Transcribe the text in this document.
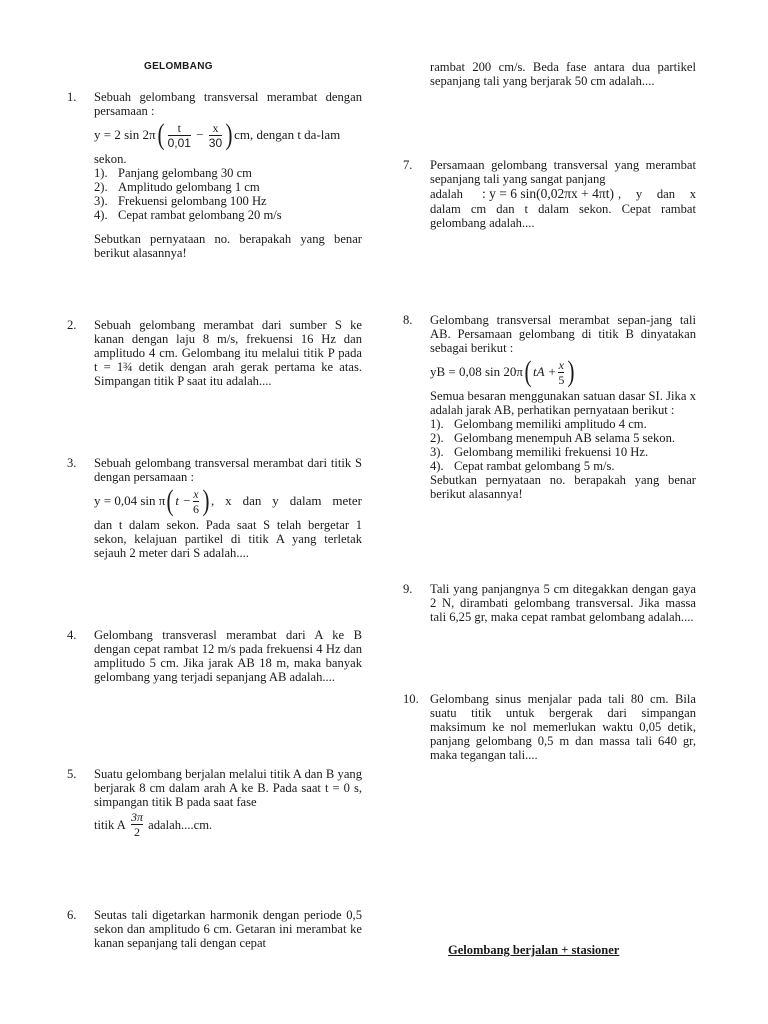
GELOMBANG
1.	Sebuah gelombang transversal merambat dengan persamaan :
y = 2 sin 2π ( $\frac{t}{0,01} - \frac{x}{30}$ ) cm, dengan t da-lam
sekon.
1). Panjang gelombang 30 cm
2). Amplitudo gelombang 1 cm
3). Frekuensi gelombang 100 Hz
4). Cepat rambat gelombang 20 m/s
Sebutkan pernyataan no. berapakah yang benar berikut alasannya!
2.	Sebuah gelombang merambat dari sumber S ke kanan dengan laju 8 m/s, frekuensi 16 Hz dan amplitudo 4 cm. Gelombang itu melalui titik P pada t = 1¾ detik dengan arah gerak pertama ke atas. Simpangan titik P saat itu adalah....
3.	Sebuah gelombang transversal merambat dari titik S dengan persamaan :
y = 0,04 sin π ( $t - \frac{x}{6}$ ) , x dan y dalam meter
dan t dalam sekon. Pada saat S telah bergetar 1 sekon, kelajuan partikel di titik A yang terletak sejauh 2 meter dari S adalah....
4.	Gelombang transverasl merambat dari A ke B dengan cepat rambat 12 m/s pada frekuensi 4 Hz dan amplitudo 5 cm. Jika jarak AB 18 m, maka banyak gelombang yang terjadi sepanjang AB adalah....
5.	Suatu gelombang berjalan melalui titik A dan B yang berjarak 8 cm dalam arah A ke B. Pada saat t = 0 s, simpangan titik B pada saat fase
titik A
$\frac{3\pi}{2}$
adalah....cm.
6.	Seutas tali digetarkan harmonik dengan periode 0,5 sekon dan amplitudo 6 cm. Getaran ini merambat ke kanan sepanjang tali dengan cepat
rambat 200 cm/s. Beda fase antara dua partikel sepanjang tali yang berjarak 50 cm adalah....
7.	Persamaan gelombang transversal yang merambat sepanjang tali yang sangat panjang
adalah	: y = 6 sin(0,02πx + 4πt) , y dan x
dalam cm dan t dalam sekon. Cepat rambat gelombang adalah....
8.	Gelombang transversal merambat sepan-jang tali AB. Persamaan gelombang di titik B dinyatakan sebagai berikut :
yB = 0,08 sin 20π ( tA + $\frac{x}{5}$ )
Semua besaran menggunakan satuan dasar SI. Jika x adalah jarak AB, perhatikan pernyataan berikut :
1). Gelombang memiliki amplitudo 4 cm.
2). Gelombang menempuh AB selama 5 sekon.
3). Gelombang memiliki frekuensi 10 Hz.
4). Cepat rambat gelombang 5 m/s.
Sebutkan pernyataan no. berapakah yang benar berikut alasannya!
9.	Tali yang panjangnya 5 cm ditegakkan dengan gaya 2 N, dirambati gelombang transversal. Jika massa tali 6,25 gr, maka cepat rambat gelombang adalah....
10. Gelombang sinus menjalar pada tali 80 cm. Bila suatu titik untuk bergerak dari simpangan maksimum ke nol memerlukan waktu 0,05 detik, panjang gelombang 0,5 m dan massa tali 640 gr, maka tegangan tali....
Gelombang berjalan + stasioner
